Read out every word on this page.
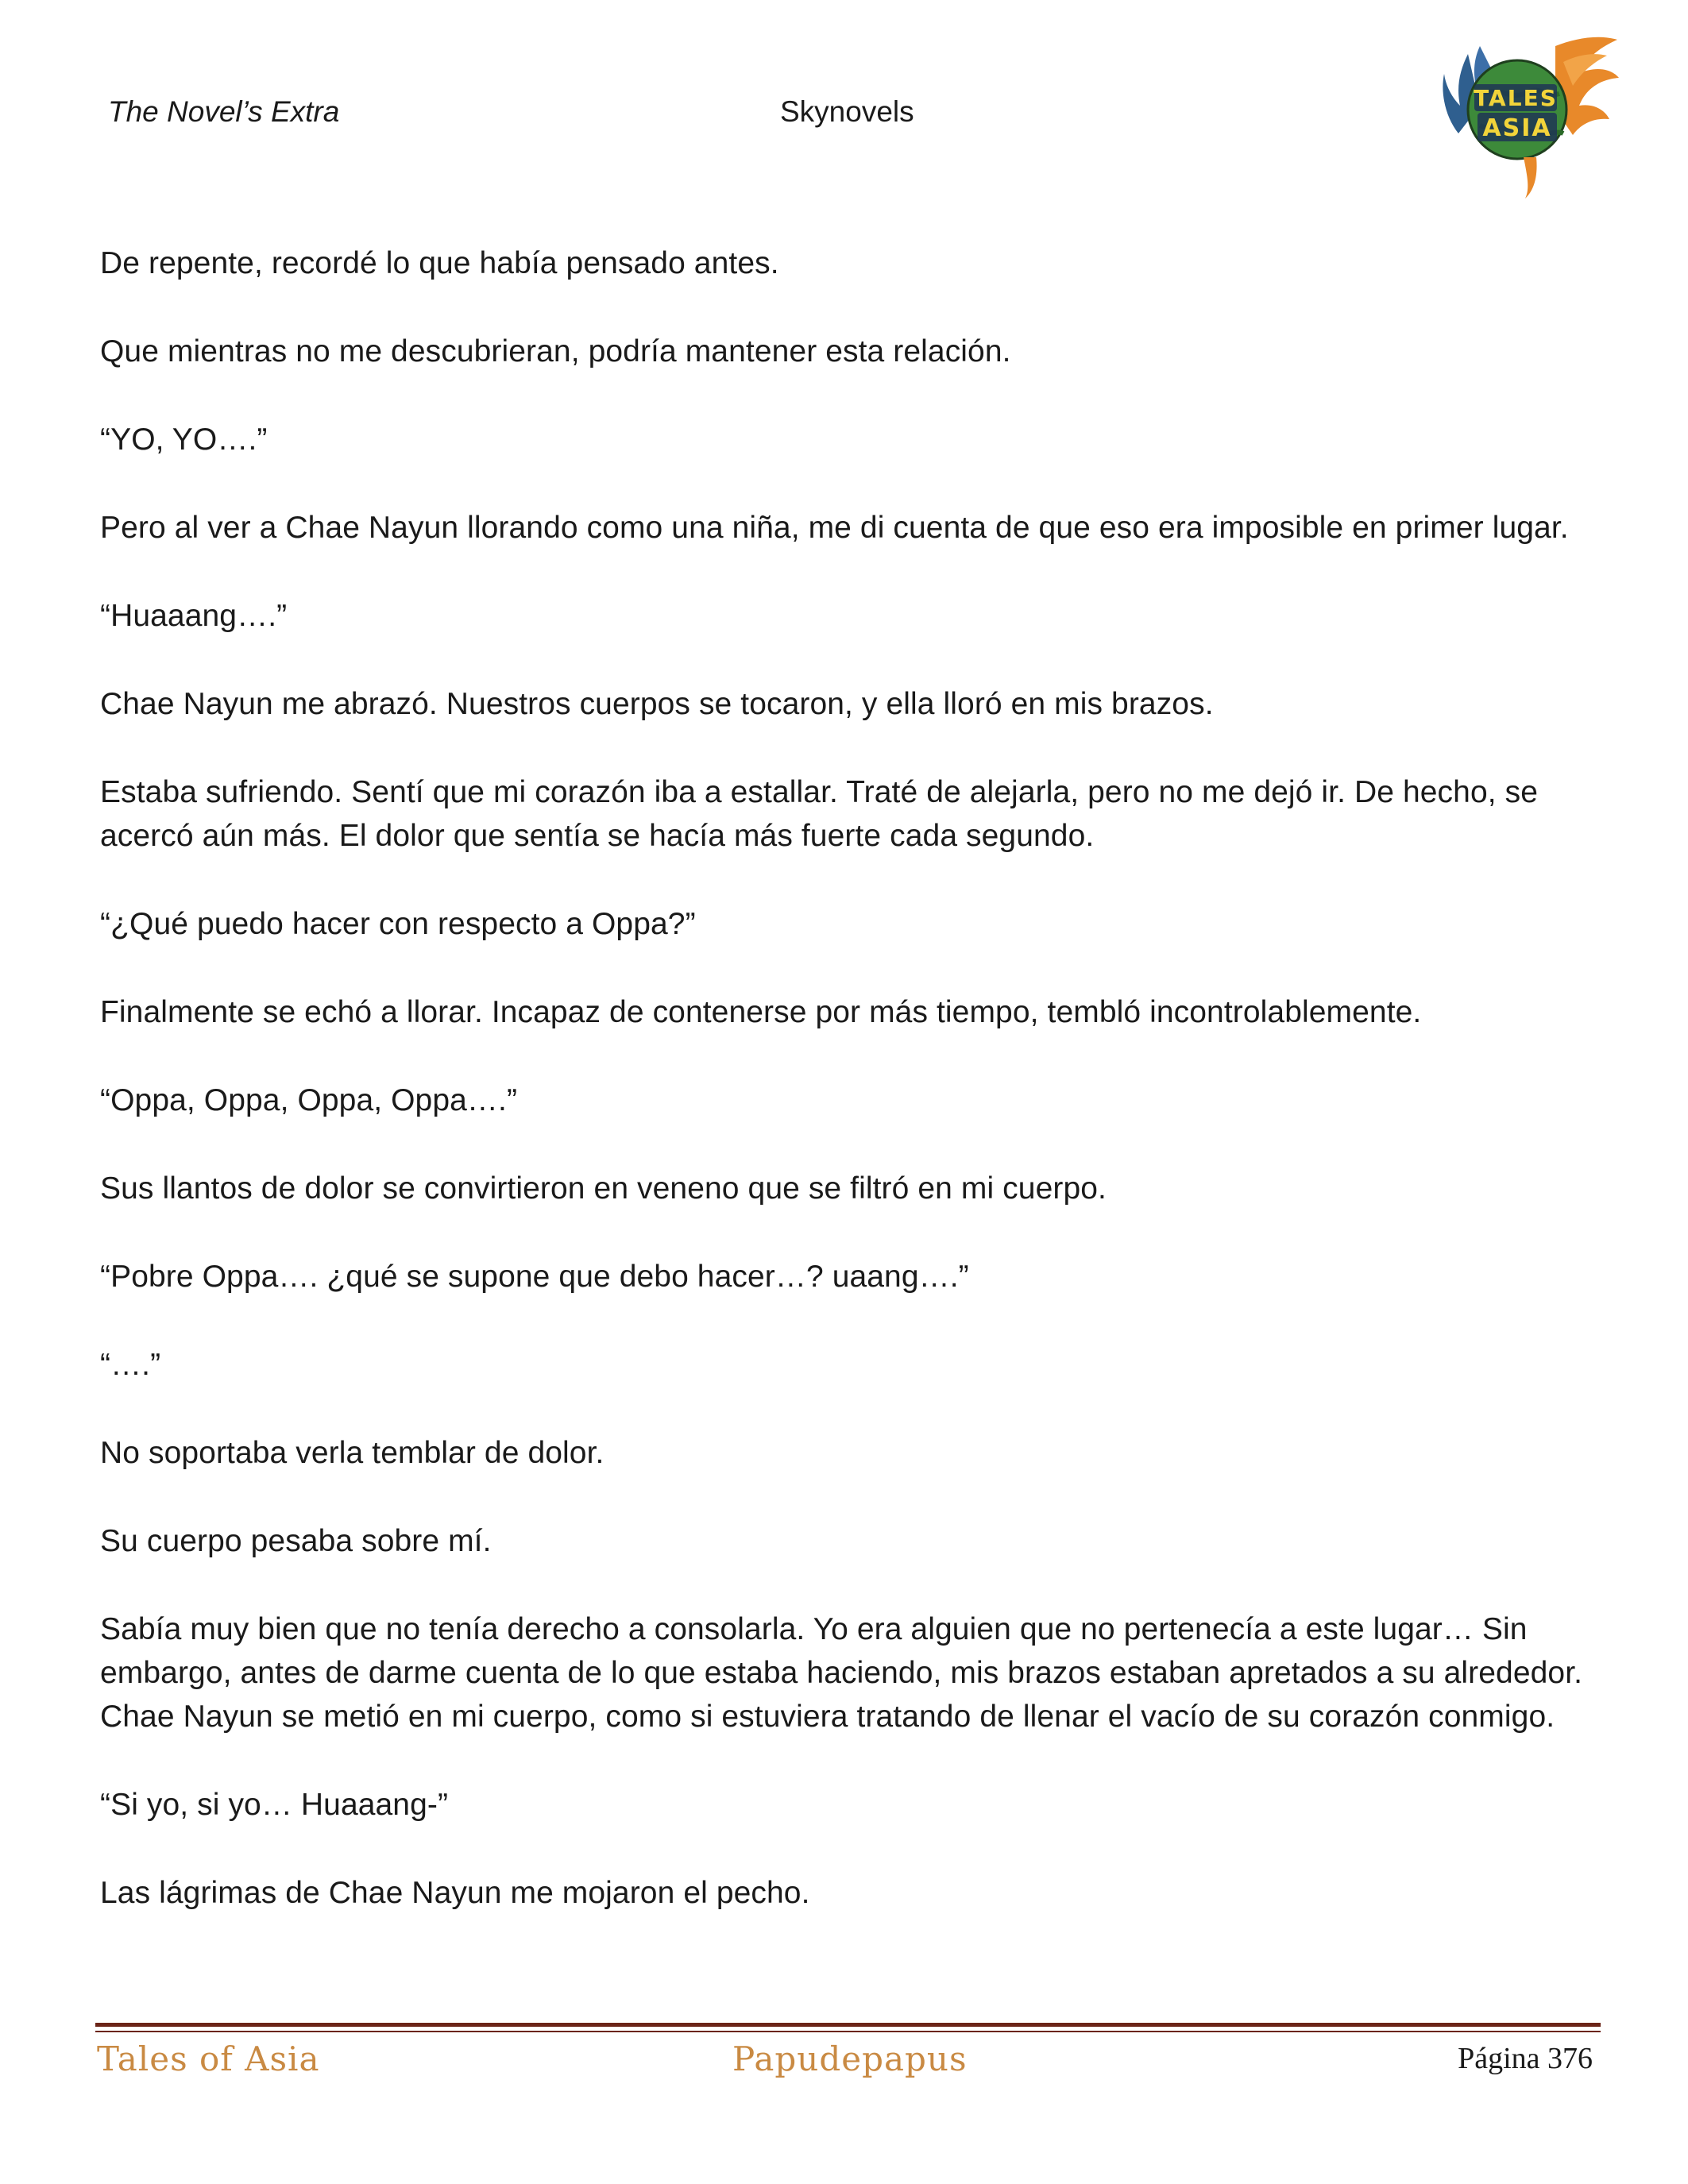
The Novel’s Extra	Skynovels	TALES
ASIA

De repente, recordé lo que había pensado antes.

Que mientras no me descubrieran, podría mantener esta relación.

“YO, YO….”

Pero al ver a Chae Nayun llorando como una niña, me di cuenta de que eso era imposible en primer lugar.

“Huaaang….”

Chae Nayun me abrazó. Nuestros cuerpos se tocaron, y ella lloró en mis brazos.

Estaba sufriendo. Sentí que mi corazón iba a estallar. Traté de alejarla, pero no me dejó ir. De hecho, se acercó aún más. El dolor que sentía se hacía más fuerte cada segundo.

“¿Qué puedo hacer con respecto a Oppa?”

Finalmente se echó a llorar. Incapaz de contenerse por más tiempo, tembló incontrolablemente.

“Oppa, Oppa, Oppa, Oppa….”

Sus llantos de dolor se convirtieron en veneno que se filtró en mi cuerpo.

“Pobre Oppa…. ¿qué se supone que debo hacer…? uaang….”

“….”

No soportaba verla temblar de dolor.

Su cuerpo pesaba sobre mí.

Sabía muy bien que no tenía derecho a consolarla. Yo era alguien que no pertenecía a este lugar… Sin embargo, antes de darme cuenta de lo que estaba haciendo, mis brazos estaban apretados a su alrededor. Chae Nayun se metió en mi cuerpo, como si estuviera tratando de llenar el vacío de su corazón conmigo.

“Si yo, si yo… Huaaang-”

Las lágrimas de Chae Nayun me mojaron el pecho.

Tales of Asia	Papudepapus	Página 376
